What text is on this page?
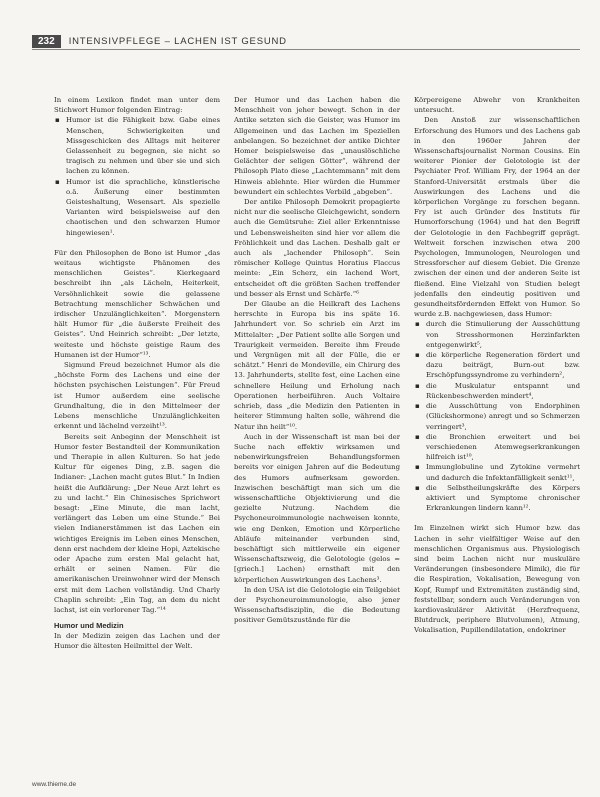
232	INTENSIVPFLEGE – LACHEN IST GESUND

In einem Lexikon findet man unter dem Stichwort Humor folgenden Eintrag:

▪ Humor ist die Fähigkeit bzw. Gabe eines Menschen, Schwierigkeiten und Missgeschicken des Alltags mit heiterer Gelassenheit zu begegnen, sie nicht so tragisch zu nehmen und über sie und sich lachen zu können.
▪ Humor ist die sprachliche, künstlerische o.ä. Äußerung einer bestimmten Geisteshaltung, Wesensart. Als spezielle Varianten wird beispielsweise auf den chaotischen und den schwarzen Humor hingewiesen¹.

Für den Philosophen de Bono ist Humor „das weitaus wichtigste Phänomen des menschlichen Geistes“. Kierkegaard beschreibt ihn „als Lächeln, Heiterkeit, Versöhnlichkeit sowie die gelassene Betrachtung menschlicher Schwächen und irdischer Unzulänglichkeiten“. Morgenstern hält Humor für „die äußerste Freiheit des Geistes“. Und Heinrich schreibt: „Der letzte, weiteste und höchste geistige Raum des Humanen ist der Humor“¹³.

Sigmund Freud bezeichnet Humor als die „höchste Form des Lachens und eine der höchsten psychischen Leistungen“. Für Freud ist Humor außerdem eine seelische Grundhaltung, die in den Mittelmeer der Lebens menschliche Unzulänglichkeiten erkennt und lächelnd verzeiht¹³.

Bereits seit Anbeginn der Menschheit ist Humor fester Bestandteil der Kommunikation und Therapie in allen Kulturen. So hat jede Kultur für eigenes Ding, z.B. sagen die Indianer: „Lachen macht gutes Blut.“ In Indien heißt die Aufklärung: „Der Neue Arzt lehrt es zu und lacht.“ Ein Chinesisches Sprichwort besagt: „Eine Minute, die man lacht, verlängert das Leben um eine Stunde.“ Bei vielen Indianerstämmen ist das Lachen ein wichtiges Ereignis im Leben eines Menschen, denn erst nachdem der kleine Hopi, Aztekische oder Apache zum ersten Mal gelacht hat, erhält er seinen Namen. Für die amerikanischen Ureinwohner wird der Mensch erst mit dem Lachen vollständig. Und Charly Chaplin schreibt: „Ein Tag, an dem du nicht lachst, ist ein verlorener Tag.“¹⁴

Humor und Medizin

In der Medizin zeigen das Lachen und der Humor die ältesten Heilmittel der Welt.

Der Humor und das Lachen haben die Menschheit von jeher bewegt. Schon in der Antike setzten sich die Geister, was Humor im Allgemeinen und das Lachen im Speziellen anbelangen. So bezeichnet der antike Dichter Homer beispielsweise das „unauslöschliche Gelächter der seligen Götter“, während der Philosoph Plato diese „Lachtemmann“ mit dem Hinweis ablehnte. Hier würden die Hummer bewundert ein schlechtes Verbild „abgeben“.

Der antike Philosoph Demokrit propagierte nicht nur die seelische Gleichgewicht, sondern auch die Gemütsruhe: Ziel aller Erkenntnisse und Lebensweisheiten sind hier vor allem die Fröhlichkeit und das Lachen. Deshalb galt er auch als „lachender Philosoph“. Sein römischer Kollege Quintus Horatius Flaccus meinte: „Ein Scherz, ein lachend Wort, entscheidet oft die größten Sachen treffender und besser als Ernst und Schärfe.“⁶

Der Glaube an die Heilkraft des Lachens herrschte in Europa bis ins späte 16. Jahrhundert vor. So schrieb ein Arzt im Mittelalter: „Der Patient sollte alle Sorgen und Traurigkeit vermeiden. Bereite ihm Freude und Vergnügen mit all der Fülle, die er schätzt.“ Henri de Mondeville, ein Chirurg des 13. Jahrhunderts, stellte fest, eine Lachen eine schnellere Heilung und Erholung nach Operationen herbeiführen. Auch Voltaire schrieb, dass „die Medizin den Patienten in heiterer Stimmung halten solle, während die Natur ihn heilt“¹⁰.

Auch in der Wissenschaft ist man bei der Suche nach effektiv wirksamen und nebenwirkungsfreien Behandlungsformen bereits vor einigen Jahren auf die Bedeutung des Humors aufmerksam geworden. Inzwischen beschäftigt man sich um die wissenschaftliche Objektivierung und die gezielte Nutzung. Nachdem die Psychoneuroimmunologie nachweisen konnte, wie eng Denken, Emotion und Körperliche Abläufe miteinander verbunden sind, beschäftigt sich mittlerweile ein eigener Wissenschaftszweig, die Gelotologie (gelos = [griech.] Lachen) ernsthaft mit den körperlichen Auswirkungen des Lachens³.

In den USA ist die Gelotologie ein Teilgebiet der Psychoneuroimmunologie, also jener Wissenschaftsdisziplin, die die Bedeutung positiver Gemütszustände für die

Körpereigene Abwehr von Krankheiten untersucht.

Den Anstoß zur wissenschaftlichen Erforschung des Humors und des Lachens gab in den 1960er Jahren der Wissenschaftsjournalist Norman Cousins. Ein weiterer Pionier der Gelotologie ist der Psychiater Prof. William Fry, der 1964 an der Stanford-Universität erstmals über die Auswirkungen des Lachens und die körperlichen Vorgänge zu forschen begann. Fry ist auch Gründer des Instituts für Humorforschung (1964) und hat den Begriff der Gelotologie in den Fachbegriff geprägt. Weltweit forschen inzwischen etwa 200 Psychologen, Immunologen, Neurologen und Stressforscher auf diesem Gebiet. Die Grenze zwischen der einen und der anderen Seite ist fließend. Eine Vielzahl von Studien belegt jedenfalls den eindeutig positiven und gesundheitsfördernden Effekt von Humor. So wurde z.B. nachgewiesen, dass Humor:

▪ durch die Stimulierung der Ausschüttung von Stresshormonen Herzinfarkten entgegenwirkt⁵,
▪ die körperliche Regeneration fördert und dazu beiträgt, Burn-out bzw. Erschöpfungssyndrome zu verhindern²,
▪ die Muskulatur entspannt und Rückenbeschwerden mindert⁴,
▪ die Ausschüttung von Endorphinen (Glückshormone) anregt und so Schmerzen verringert³,
▪ die Bronchien erweitert und bei verschiedenen Atemwegserkrankungen hilfreich ist¹⁰,
▪ Immunglobuline und Zytokine vermehrt und dadurch die Infektanfälligkeit senkt¹¹,
▪ die Selbstheilungskräfte des Körpers aktiviert und Symptome chronischer Erkrankungen lindern kann¹².

Im Einzelnen wirkt sich Humor bzw. das Lachen in sehr vielfältiger Weise auf den menschlichen Organismus aus. Physiologisch sind beim Lachen nicht nur muskuläre Veränderungen (insbesondere Mimik), die für die Respiration, Vokalisation, Bewegung von Kopf, Rumpf und Extremitäten zuständig sind, feststellbar, sondern auch Veränderungen von kardiovaskulärer Aktivität (Herzfrequenz, Blutdruck, periphere Blutvolumen), Atmung, Vokalisation, Pupillendilatation, endokriner

www.thieme.de
